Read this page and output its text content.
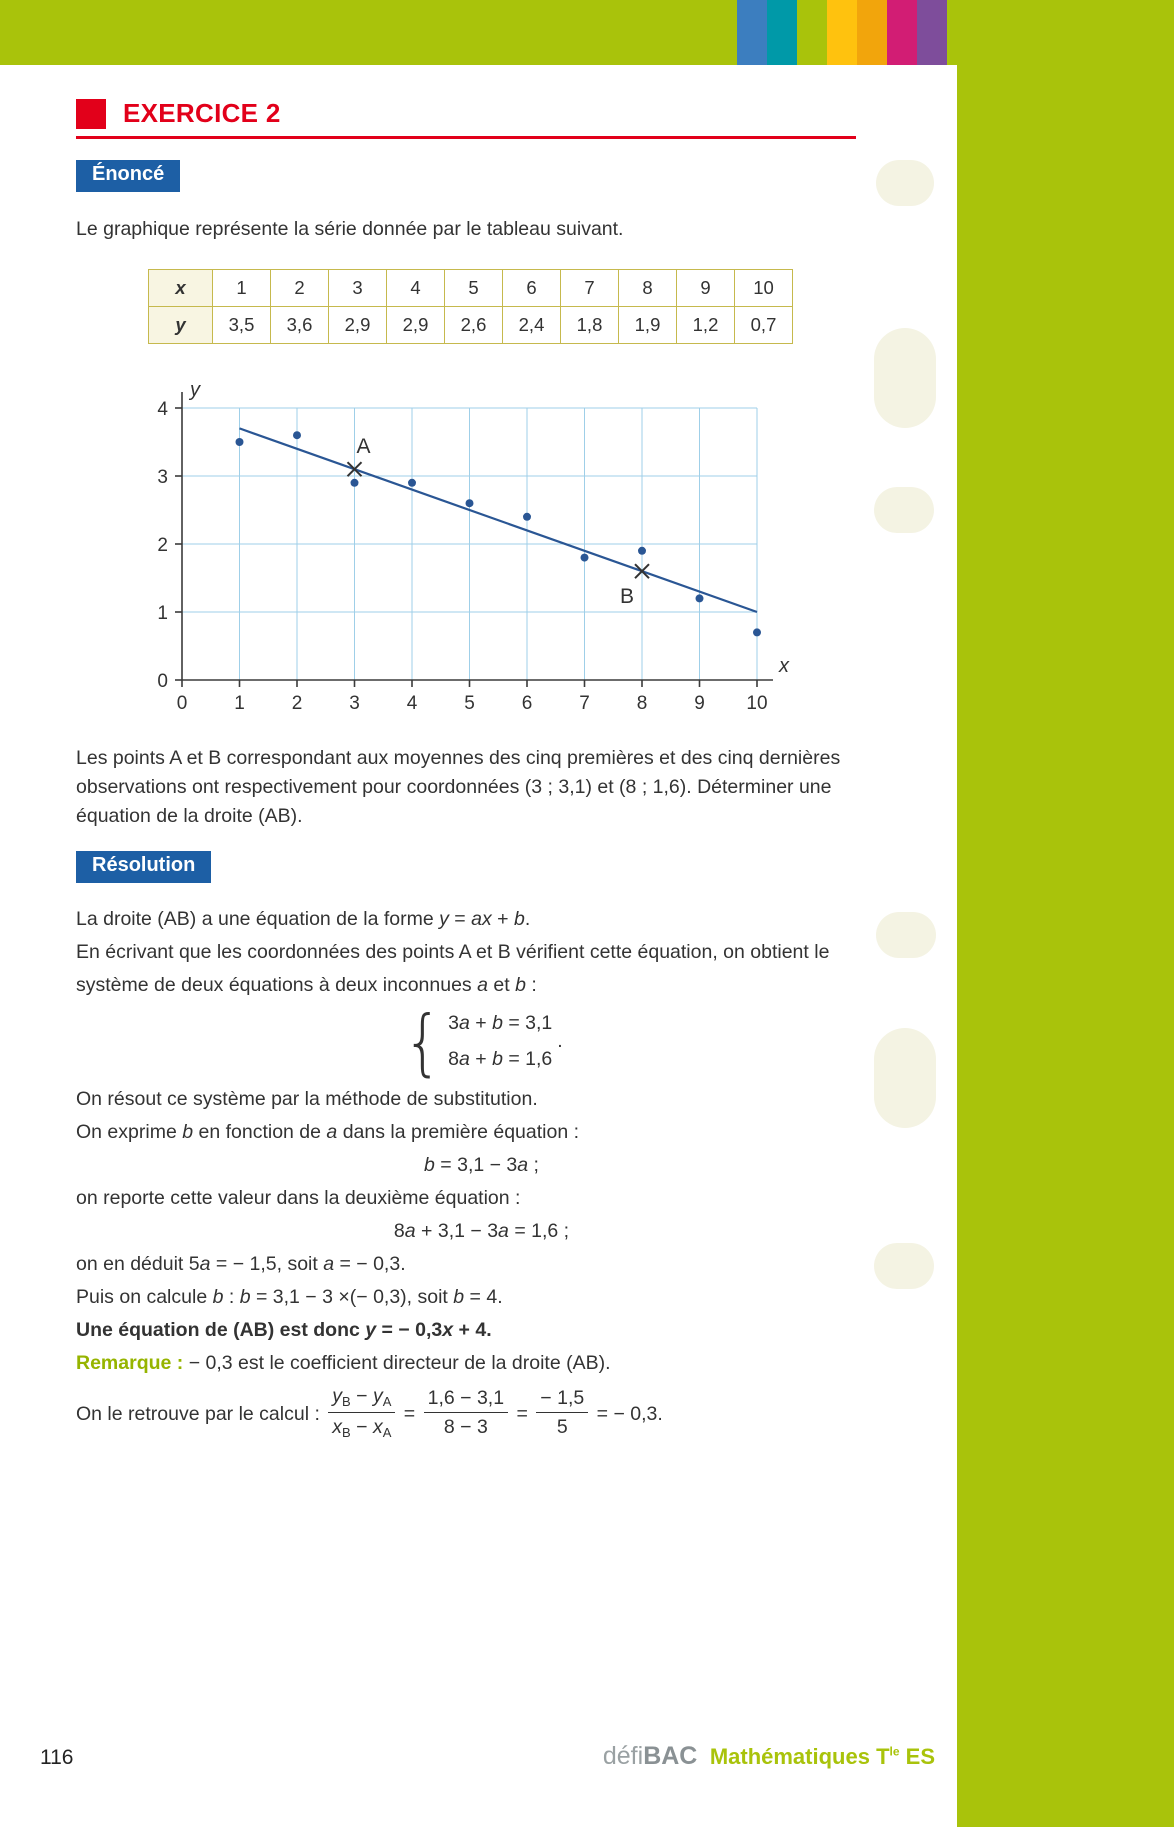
EXERCICE 2
Énoncé

Le graphique représente la série donnée par le tableau suivant.

x	1	2	3	4	5	6	7	8	9	10
y	3,5	3,6	2,9	2,9	2,6	2,4	1,8	1,9	1,2	0,7
A
B
0 1 2 3 4 5 6 7 8 9 10
0
1
2
3
4
y
x

Les points A et B correspondant aux moyennes des cinq premières et des cinq dernières observations ont respectivement pour coordonnées (3 ; 3,1) et (8 ; 1,6). Déterminer une équation de la droite (AB).

Résolution
La droite (AB) a une équation de la forme y = ax + b.
En écrivant que les coordonnées des points A et B vérifient cette équation, on obtient le système de deux équations à deux inconnues a et b :
{ 3a + b = 3,1
8a + b = 1,6
.
On résout ce système par la méthode de substitution.
On exprime b en fonction de a dans la première équation :
b = 3,1 − 3a ;
on reporte cette valeur dans la deuxième équation :
8a + 3,1 − 3a = 1,6 ;
on en déduit 5a = − 1,5, soit a = − 0,3.
Puis on calcule b : b = 3,1 − 3 ×(− 0,3), soit b = 4.
Une équation de (AB) est donc y = − 0,3x + 4.
Remarque : − 0,3 est le coefficient directeur de la droite (AB).
On le retrouve par le calcul : $\frac{y_B - y_A}{x_B - x_A} = \frac{1,6 - 3,1}{8 - 3} = \frac{- 1,5}{5}$ = − 0,3.
116	défiBAC Mathématiques $T^{le}$ ES
